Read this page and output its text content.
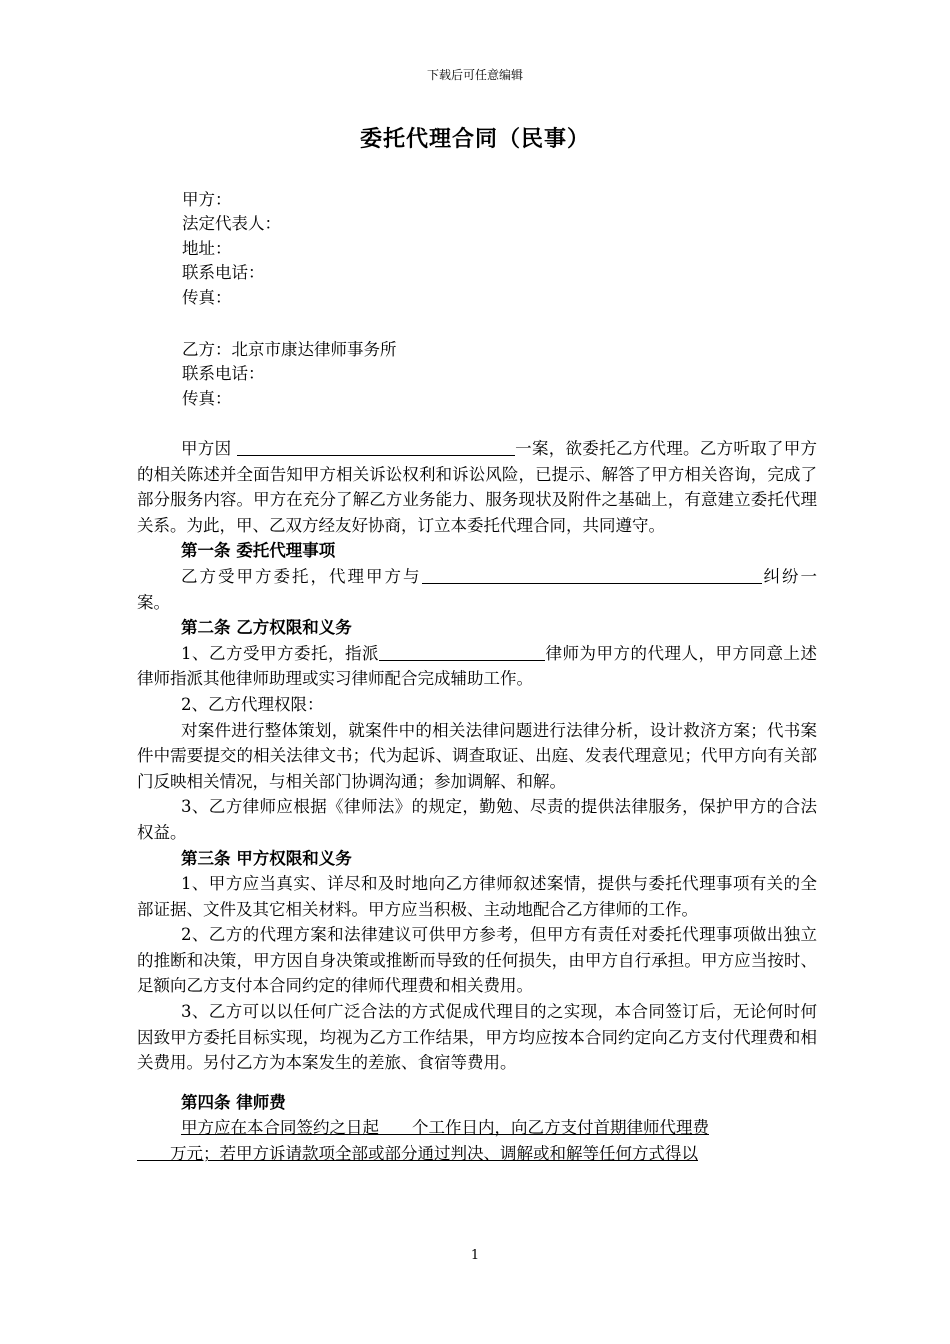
下载后可任意编辑
委托代理合同（民事）
甲方：
法定代表人：
地址：
联系电话：
传真：
乙方：北京市康达律师事务所
联系电话：
传真：

甲方因	一案，欲委托乙方代理。乙方听取了甲方的相关陈述并全面告知甲方相关诉讼权利和诉讼风险，已提示、解答了甲方相关咨询，完成了部分服务内容。甲方在充分了解乙方业务能力、服务现状及附件之基础上，有意建立委托代理关系。为此，甲、乙双方经友好协商，订立本委托代理合同，共同遵守。

第一条 委托代理事项

乙方受甲方委托，代理甲方与	纠纷一案。

第二条 乙方权限和义务

1、乙方受甲方委托，指派	律师为甲方的代理人，甲方同意上述律师指派其他律师助理或实习律师配合完成辅助工作。

2、乙方代理权限：

对案件进行整体策划，就案件中的相关法律问题进行法律分析，设计救济方案；代书案件中需要提交的相关法律文书；代为起诉、调查取证、出庭、发表代理意见；代甲方向有关部门反映相关情况，与相关部门协调沟通；参加调解、和解。

3、乙方律师应根据《律师法》的规定，勤勉、尽责的提供法律服务，保护甲方的合法权益。

第三条 甲方权限和义务

1、甲方应当真实、详尽和及时地向乙方律师叙述案情，提供与委托代理事项有关的全部证据、文件及其它相关材料。甲方应当积极、主动地配合乙方律师的工作。

2、乙方的代理方案和法律建议可供甲方参考，但甲方有责任对委托代理事项做出独立的推断和决策，甲方因自身决策或推断而导致的任何损失，由甲方自行承担。甲方应当按时、足额向乙方支付本合同约定的律师代理费和相关费用。

3、乙方可以以任何广泛合法的方式促成代理目的之实现，本合同签订后，无论何时何因致甲方委托目标实现，均视为乙方工作结果，甲方均应按本合同约定向乙方支付代理费和相关费用。另付乙方为本案发生的差旅、食宿等费用。

第四条 律师费

甲方应在本合同签约之日起　　个工作日内，向乙方支付首期律师代理费

　　万元；若甲方诉请款项全部或部分通过判决、调解或和解等任何方式得以

1
